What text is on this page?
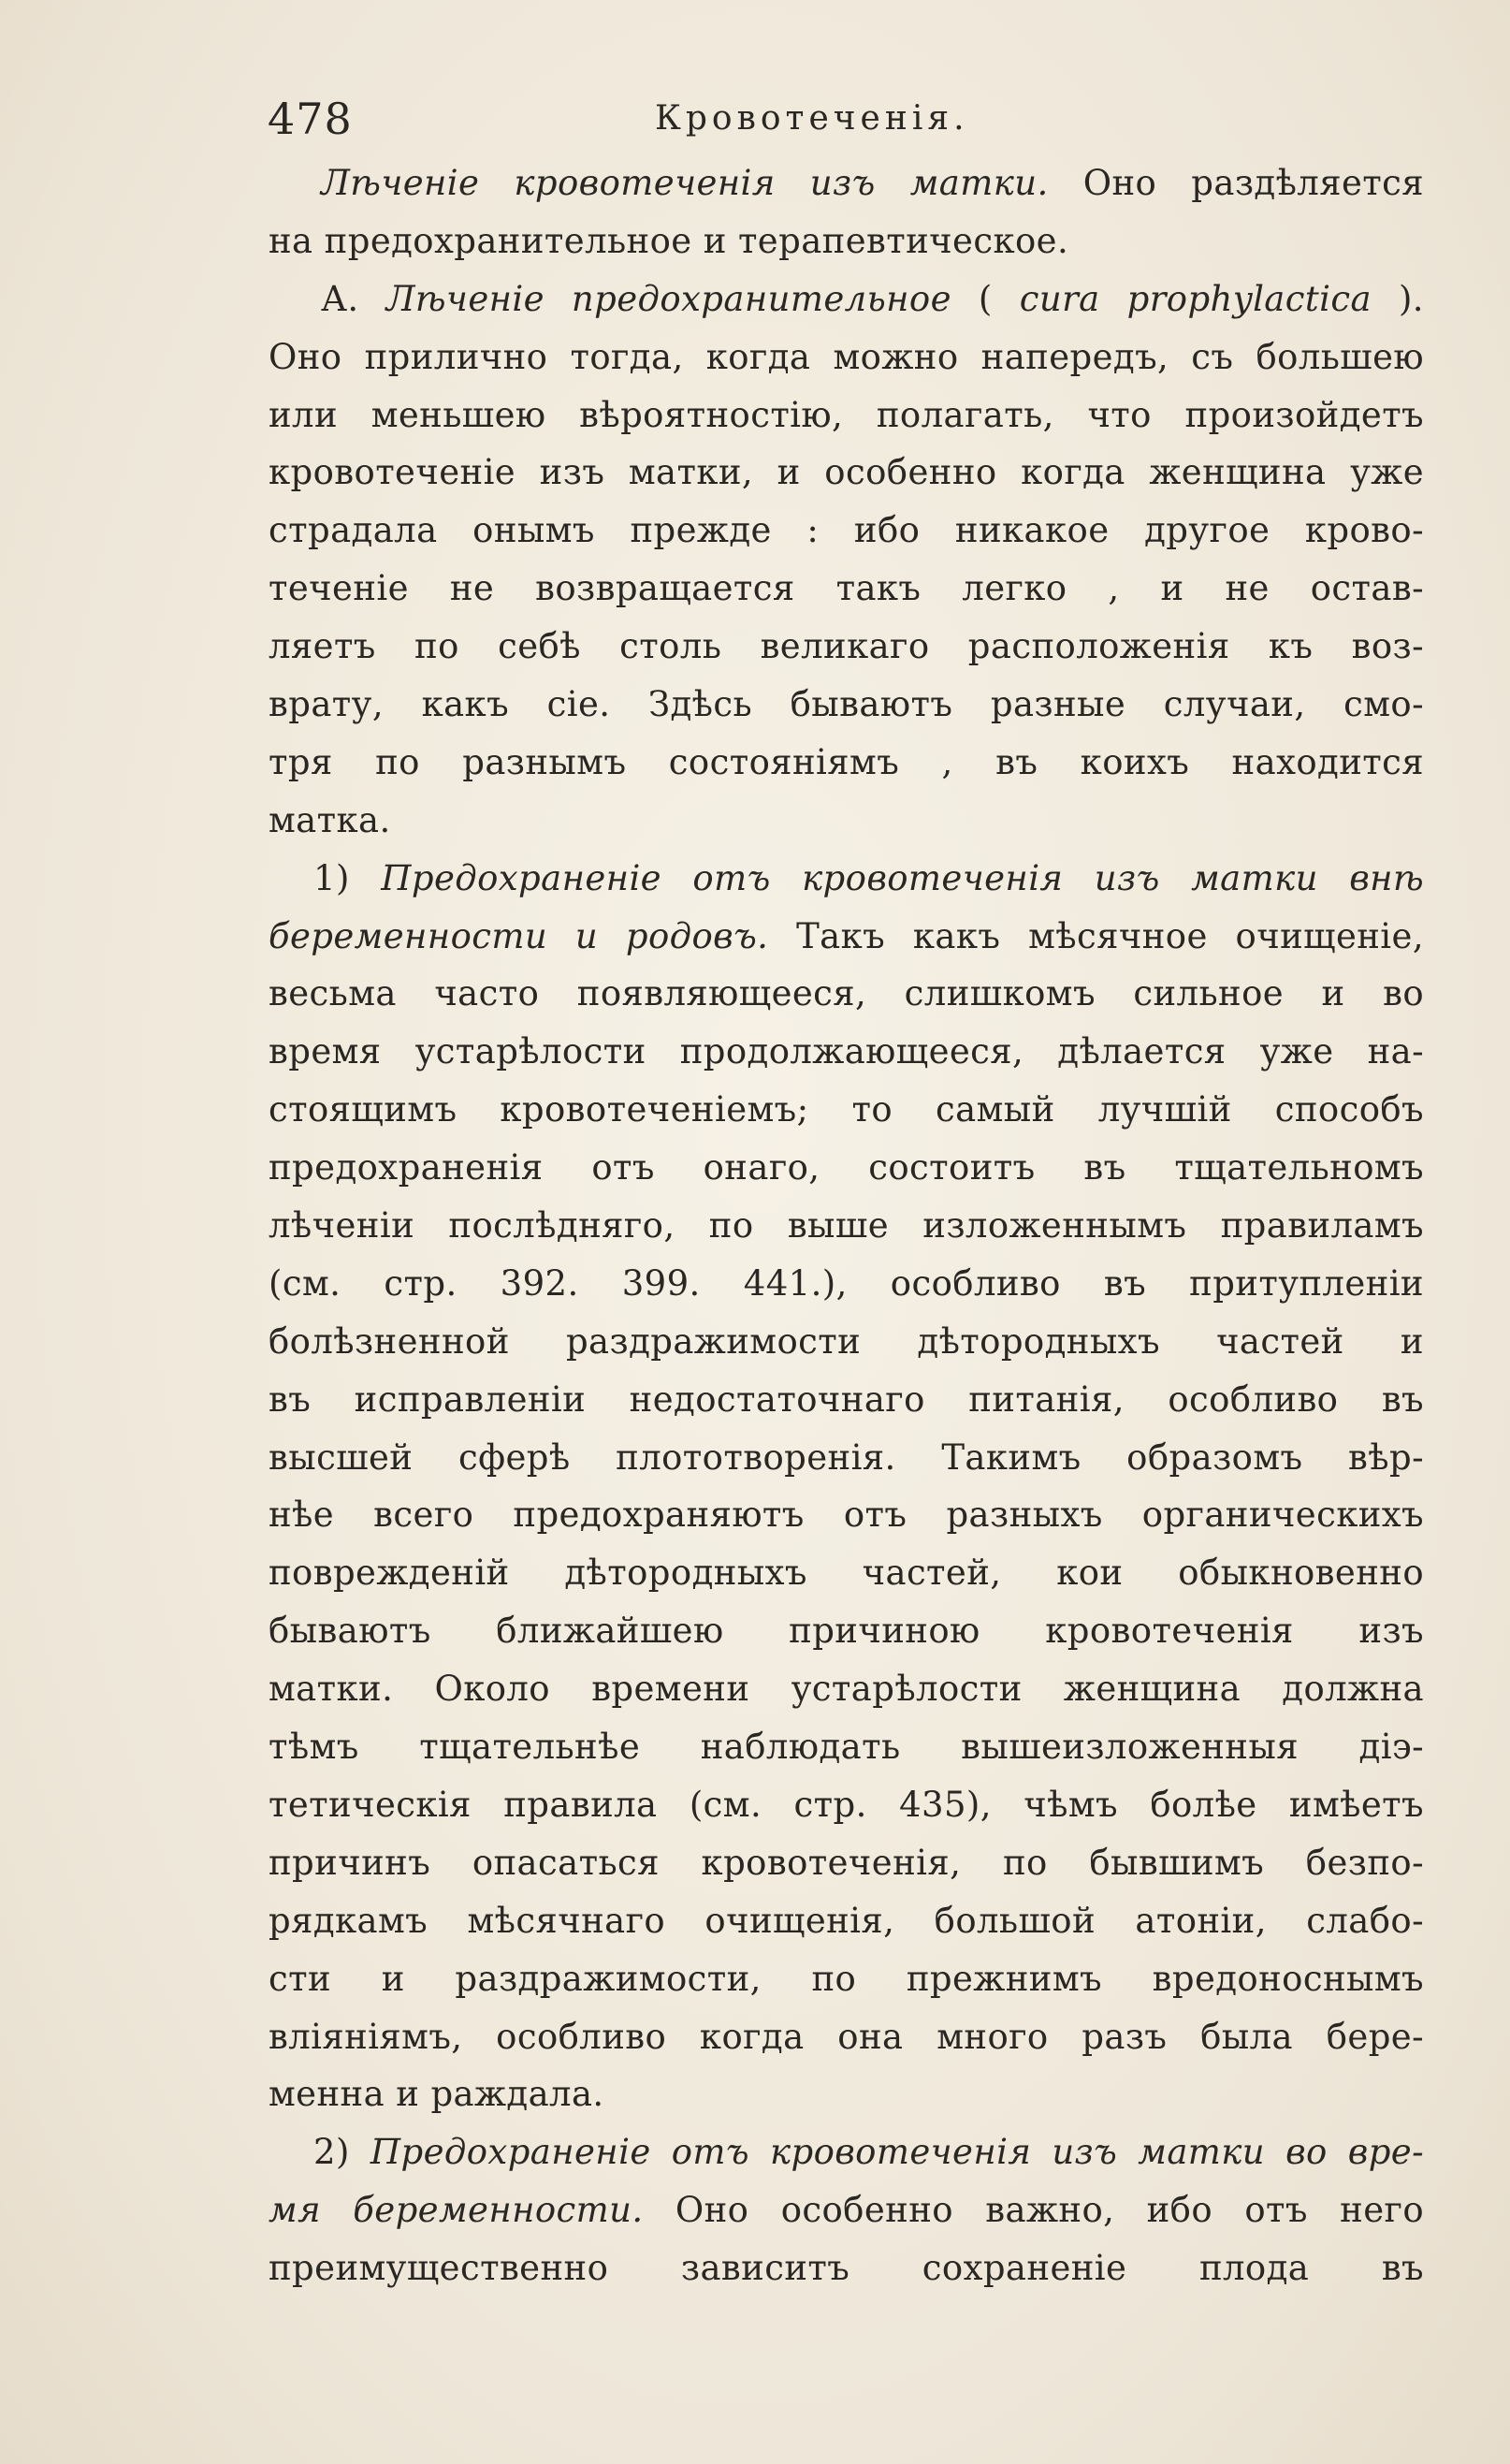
478	Кровотеченія.
Лѣченіе кровотеченія изъ матки. Оно раздѣляется
на предохранительное и терапевтическое.
А. Лѣченіе предохранительное ( cura prophylactica ).
Оно прилично тогда, когда можно напередъ, съ большею
или меньшею вѣроятностію, полагать, что произойдетъ
кровотеченіе изъ матки, и особенно когда женщина уже
страдала онымъ прежде : ибо никакое другое крово-
теченіе не возвращается такъ легко , и не остав-
ляетъ по себѣ столь великаго расположенія къ воз-
врату, какъ сіе. Здѣсь бываютъ разные случаи, смо-
тря по разнымъ состояніямъ , въ коихъ находится
матка.
1) Предохраненіе отъ кровотеченія изъ матки внѣ
беременности и родовъ. Такъ какъ мѣсячное очищеніе,
весьма часто появляющееся, слишкомъ сильное и во
время устарѣлости продолжающееся, дѣлается уже на-
стоящимъ кровотеченіемъ; то самый лучшій способъ
предохраненія отъ онаго, состоитъ въ тщательномъ
лѣченіи послѣдняго, по выше изложеннымъ правиламъ
(см. стр. 392. 399. 441.), особливо въ притупленіи
болѣзненной раздражимости дѣтородныхъ частей и
въ исправленіи недостаточнаго питанія, особливо въ
высшей сферѣ плототворенія. Такимъ образомъ вѣр-
нѣе всего предохраняютъ отъ разныхъ органическихъ
поврежденій дѣтородныхъ частей, кои обыкновенно
бываютъ ближайшею причиною кровотеченія изъ
матки. Около времени устарѣлости женщина должна
тѣмъ тщательнѣе наблюдать вышеизложенныя діэ-
тетическія правила (см. стр. 435), чѣмъ болѣе имѣетъ
причинъ опасаться кровотеченія, по бывшимъ безпо-
рядкамъ мѣсячнаго очищенія, большой атоніи, слабо-
сти и раздражимости, по прежнимъ вредоноснымъ
вліяніямъ, особливо когда она много разъ была бере-
менна и раждала.
2) Предохраненіе отъ кровотеченія изъ матки во вре-
мя беременности. Оно особенно важно, ибо отъ него
преимущественно зависитъ сохраненіе плода въ
